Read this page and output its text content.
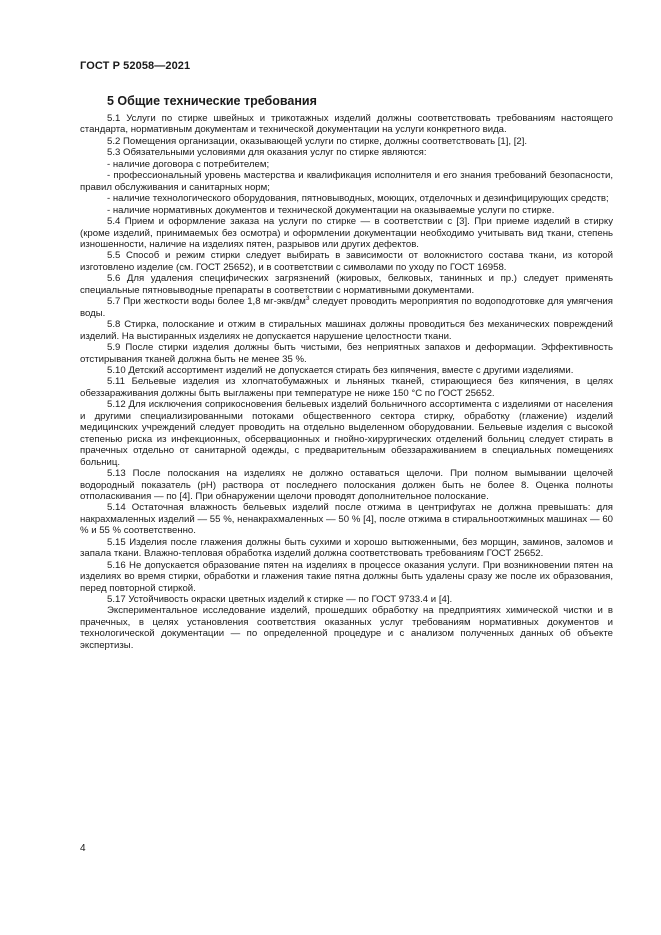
ГОСТ Р 52058—2021
5 Общие технические требования

5.1 Услуги по стирке швейных и трикотажных изделий должны соответствовать требованиям настоящего стандарта, нормативным документам и технической документации на услуги конкретного вида.

5.2 Помещения организации, оказывающей услуги по стирке, должны соответствовать [1], [2].

5.3 Обязательными условиями для оказания услуг по стирке являются:

- наличие договора с потребителем;

- профессиональный уровень мастерства и квалификация исполнителя и его знания требований безопасности, правил обслуживания и санитарных норм;

- наличие технологического оборудования, пятновыводных, моющих, отделочных и дезинфицирующих средств;

- наличие нормативных документов и технической документации на оказываемые услуги по стирке.

5.4 Прием и оформление заказа на услуги по стирке — в соответствии с [3]. При приеме изделий в стирку (кроме изделий, принимаемых без осмотра) и оформлении документации необходимо учитывать вид ткани, степень изношенности, наличие на изделиях пятен, разрывов или других дефектов.

5.5 Способ и режим стирки следует выбирать в зависимости от волокнистого состава ткани, из которой изготовлено изделие (см. ГОСТ 25652), и в соответствии с символами по уходу по ГОСТ 16958.

5.6 Для удаления специфических загрязнений (жировых, белковых, танинных и пр.) следует применять специальные пятновыводные препараты в соответствии с нормативными документами.

5.7 При жесткости воды более 1,8 $мг-экв/дм^3$ следует проводить мероприятия по водоподготовке для умягчения воды.

5.8 Стирка, полоскание и отжим в стиральных машинах должны проводиться без механических повреждений изделий. На выстиранных изделиях не допускается нарушение целостности ткани.

5.9 После стирки изделия должны быть чистыми, без неприятных запахов и деформации. Эффективность отстирывания тканей должна быть не менее 35 %.

5.10 Детский ассортимент изделий не допускается стирать без кипячения, вместе с другими изделиями.

5.11 Бельевые изделия из хлопчатобумажных и льняных тканей, стирающиеся без кипячения, в целях обеззараживания должны быть выглажены при температуре не ниже 150 °С по ГОСТ 25652.

5.12 Для исключения соприкосновения бельевых изделий больничного ассортимента с изделиями от населения и другими специализированными потоками общественного сектора стирку, обработку (глажение) изделий медицинских учреждений следует проводить на отдельно выделенном оборудовании. Бельевые изделия с высокой степенью риска из инфекционных, обсервационных и гнойно-хирургических отделений больниц следует стирать в прачечных отдельно от санитарной одежды, с предварительным обеззараживанием в специальных помещениях больниц.

5.13 После полоскания на изделиях не должно оставаться щелочи. При полном вымывании щелочей водородный показатель (pH) раствора от последнего полоскания должен быть не более 8. Оценка полноты отполаскивания — по [4]. При обнаружении щелочи проводят дополнительное полоскание.

5.14 Остаточная влажность бельевых изделий после отжима в центрифугах не должна превышать: для накрахмаленных изделий — 55 %, ненакрахмаленных — 50 % [4], после отжима в стиральноотжимных машинах — 60 % и 55 % соответственно.

5.15 Изделия после глажения должны быть сухими и хорошо вытюженными, без морщин, заминов, заломов и запала ткани. Влажно-тепловая обработка изделий должна соответствовать требованиям ГОСТ 25652.

5.16 Не допускается образование пятен на изделиях в процессе оказания услуги. При возникновении пятен на изделиях во время стирки, обработки и глажения такие пятна должны быть удалены сразу же после их образования, перед повторной стиркой.

5.17 Устойчивость окраски цветных изделий к стирке — по ГОСТ 9733.4 и [4].

Экспериментальное исследование изделий, прошедших обработку на предприятиях химической чистки и в прачечных, в целях установления соответствия оказанных услуг требованиям нормативных документов и технологической документации — по определенной процедуре и с анализом полученных данных об объекте экспертизы.

4
